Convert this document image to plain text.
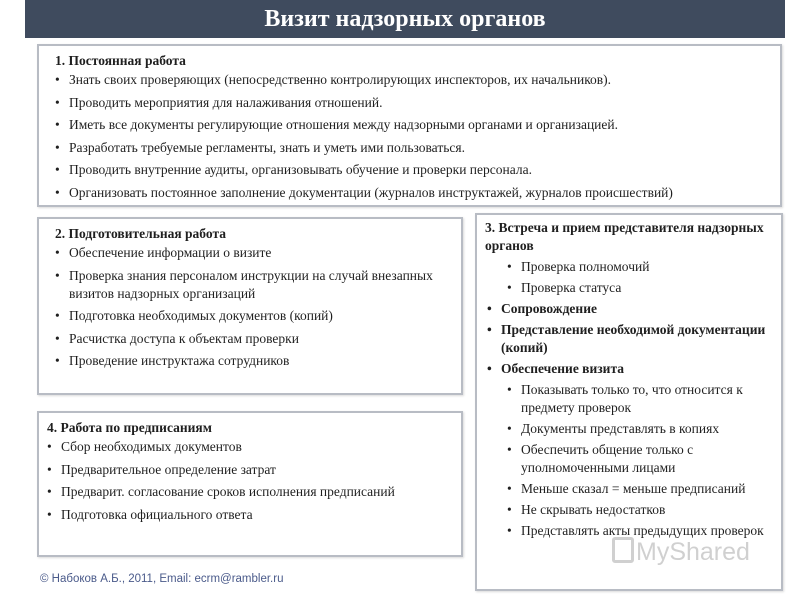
Визит надзорных органов
1. Постоянная работа
• Знать своих проверяющих (непосредственно контролирующих инспекторов, их начальников).
• Проводить мероприятия для налаживания отношений.
• Иметь все документы регулирующие отношения между надзорными органами и организацией.
• Разработать требуемые регламенты, знать и уметь ими пользоваться.
• Проводить внутренние аудиты, организовывать обучение и проверки персонала.
• Организовать постоянное заполнение документации (журналов инструктажей, журналов происшествий)
2. Подготовительная работа
• Обеспечение информации о визите
• Проверка знания персоналом инструкции на случай внезапных визитов надзорных организаций
• Подготовка необходимых документов (копий)
• Расчистка доступа к объектам проверки
• Проведение инструктажа сотрудников
3. Встреча и прием представителя надзорных органов
• Проверка полномочий
• Проверка статуса
• Сопровождение
• Представление необходимой документации (копий)
• Обеспечение визита
• Показывать только то, что относится к предмету проверок
• Документы представлять в копиях
• Обеспечить общение только с уполномоченными лицами
• Меньше сказал = меньше предписаний
• Не скрывать недостатков
• Представлять акты предыдущих проверок
4. Работа по предписаниям
• Сбор необходимых документов
• Предварительное определение затрат
• Предварит. согласование сроков исполнения предписаний
• Подготовка официального ответа
© Набоков А.Б., 2011, Email: ecrm@rambler.ru
MyShared
